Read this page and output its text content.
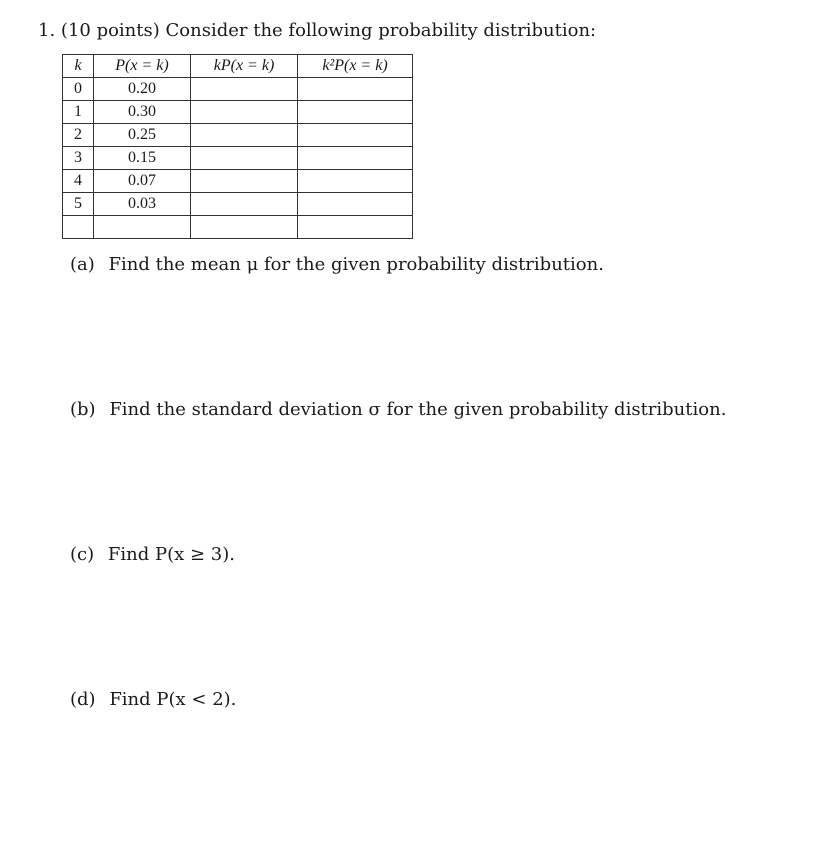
1. (10 points) Consider the following probability distribution:
k	P(x = k)	kP(x = k)	k²P(x = k)
0	0.20		
1	0.30		
2	0.25		
3	0.15		
4	0.07		
5	0.03		

(a) Find the mean μ for the given probability distribution.
(b) Find the standard deviation σ for the given probability distribution.
(c) Find P(x ≥ 3).
(d) Find P(x < 2).
